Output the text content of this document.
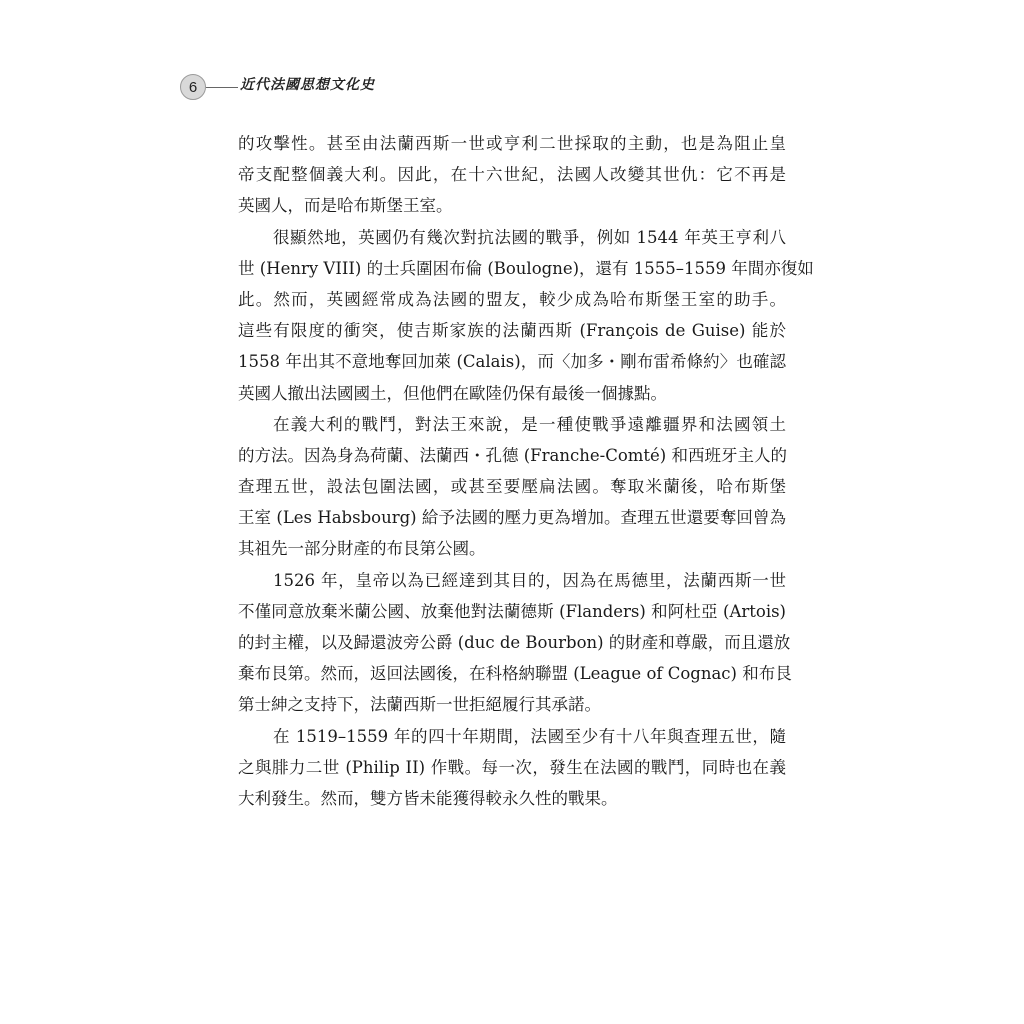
6	近代法國思想文化史
的攻擊性。甚至由法蘭西斯一世或亨利二世採取的主動，也是為阻止皇
帝支配整個義大利。因此，在十六世紀，法國人改變其世仇：它不再是
英國人，而是哈布斯堡王室。
很顯然地，英國仍有幾次對抗法國的戰爭，例如 1544 年英王亨利八
世 (Henry VIII) 的士兵圍困布倫 (Boulogne)，還有 1555–1559 年間亦復如
此。然而，英國經常成為法國的盟友，較少成為哈布斯堡王室的助手。
這些有限度的衝突，使吉斯家族的法蘭西斯 (François de Guise) 能於
1558 年出其不意地奪回加萊 (Calais)，而〈加多・剛布雷希條約〉也確認
英國人撤出法國國土，但他們在歐陸仍保有最後一個據點。
在義大利的戰鬥，對法王來說，是一種使戰爭遠離疆界和法國領土
的方法。因為身為荷蘭、法蘭西・孔德 (Franche-Comté) 和西班牙主人的
查理五世，設法包圍法國，或甚至要壓扁法國。奪取米蘭後，哈布斯堡
王室 (Les Habsbourg) 給予法國的壓力更為增加。查理五世還要奪回曾為
其祖先一部分財產的布艮第公國。
1526 年，皇帝以為已經達到其目的，因為在馬德里，法蘭西斯一世
不僅同意放棄米蘭公國、放棄他對法蘭德斯 (Flanders) 和阿杜亞 (Artois)
的封主權，以及歸還波旁公爵 (duc de Bourbon) 的財產和尊嚴，而且還放
棄布艮第。然而，返回法國後，在科格納聯盟 (League of Cognac) 和布艮
第士紳之支持下，法蘭西斯一世拒絕履行其承諾。
在 1519–1559 年的四十年期間，法國至少有十八年與查理五世，隨
之與腓力二世 (Philip II) 作戰。每一次，發生在法國的戰鬥，同時也在義
大利發生。然而，雙方皆未能獲得較永久性的戰果。
